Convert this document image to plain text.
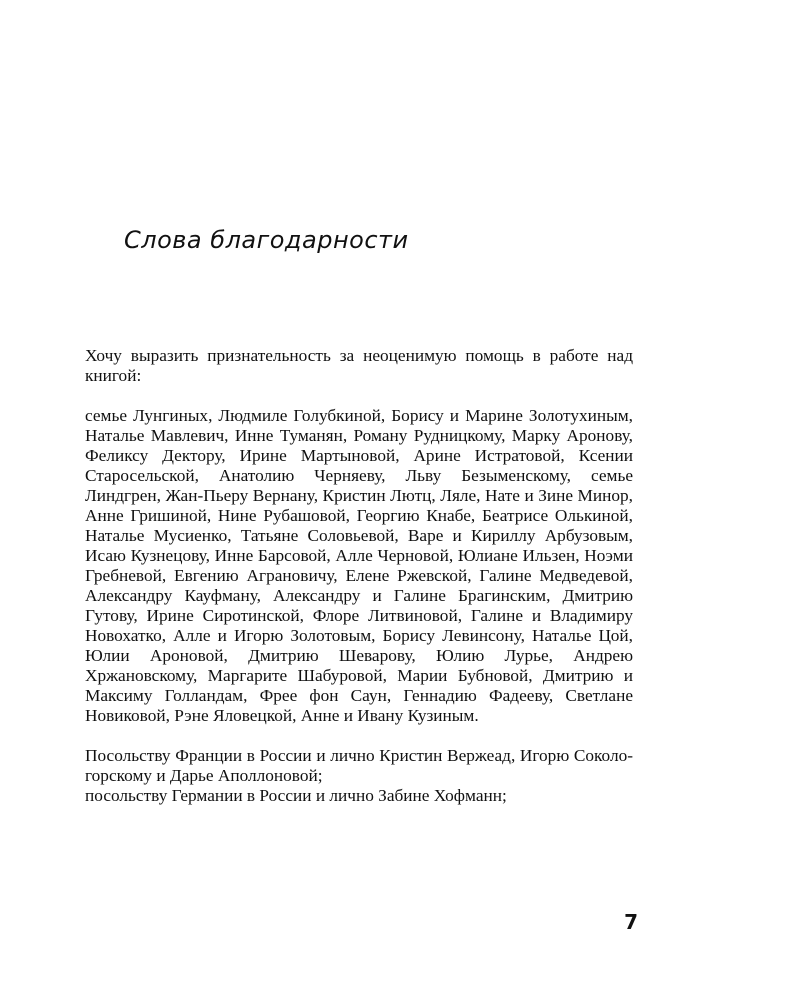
Слова благодарности

Хочу выразить признательность за неоценимую помощь в работе над книгой:

семье Лунгиных, Людмиле Голубкиной, Борису и Марине Золотухиным, Наталье Мавлевич, Инне Туманян, Роману Рудницкому, Марку Аронову, Феликсу Дектору, Ирине Мартыновой, Арине Истратовой, Ксении Старосельской, Анатолию Черняеву, Льву Безыменскому, семье Линдгрен, Жан-Пьеру Вернану, Кристин Лютц, Ляле, Нате и Зине Минор, Анне Гришиной, Нине Рубашовой, Георгию Кнабе, Беатрисе Олькиной, Наталье Мусиенко, Татьяне Соловьевой, Варе и Кириллу Арбузовым, Исаю Кузнецову, Инне Барсовой, Алле Черновой, Юлиане Ильзен, Ноэми Гребневой, Евгению Аграновичу, Елене Ржевской, Галине Медведевой, Александру Кауфману, Александру и Галине Брагинским, Дмитрию Гутову, Ирине Сиротинской, Флоре Литвиновой, Галине и Владимиру Новохатко, Алле и Игорю Золотовым, Борису Левинсону, Наталье Цой, Юлии Ароновой, Дмитрию Шеварову, Юлию Лурье, Андрею Хржановскому, Маргарите Шабуровой, Марии Бубновой, Дмитрию и Максиму Голландам, Фрее фон Саун, Геннадию Фадееву, Светлане Новиковой, Рэне Яловецкой, Анне и Ивану Кузиным.

Посольству Франции в России и лично Кристин Вержеад, Игорю Сокологорскому и Дарье Аполлоновой;

посольству Германии в России и лично Забине Хофманн;

7
